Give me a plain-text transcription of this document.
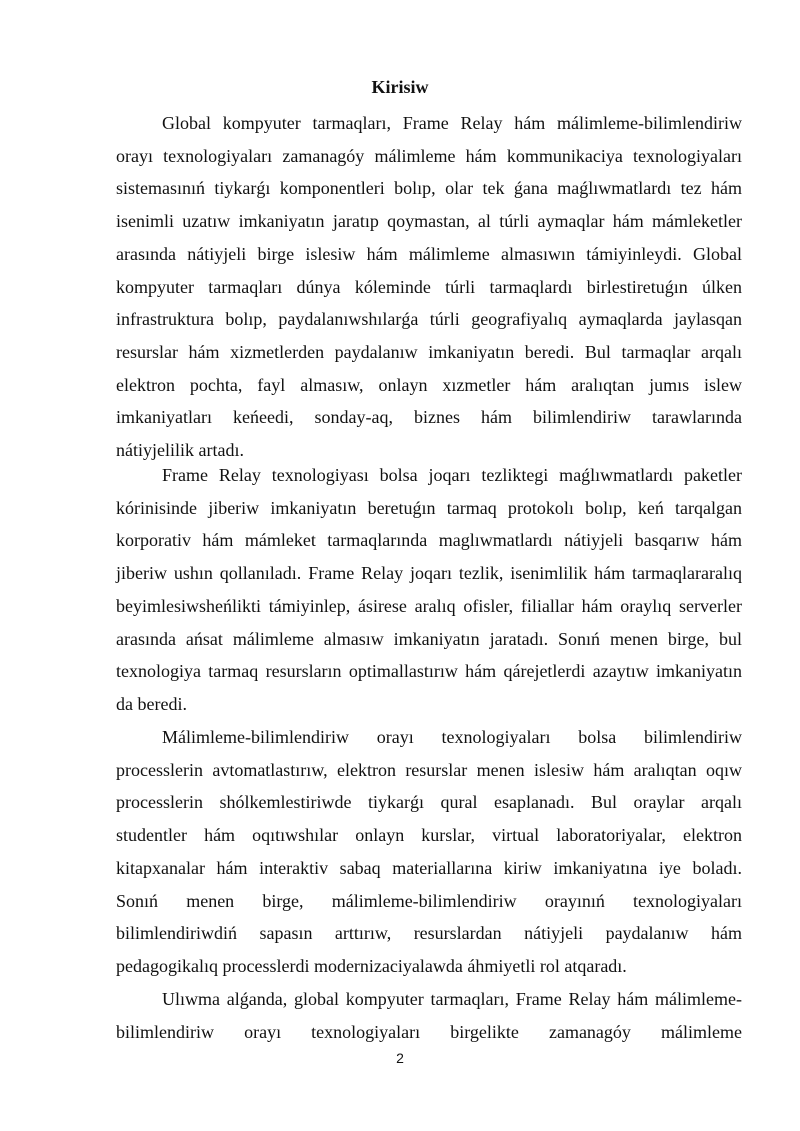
Kirisiw
Global kompyuter tarmaqları, Frame Relay hám málimleme-bilimlendiriw
orayı texnologiyaları zamanagóy málimleme hám kommunikaciya texnologiyaları
sistemasınıń tiykarǵı komponentleri bolıp, olar tek ǵana maǵlıwmatlardı tez hám
isenimli uzatıw imkaniyatın jaratıp qoymastan, al túrli aymaqlar hám mámleketler
arasında nátiyjeli birge islesiw hám málimleme almasıwın támiyinleydi. Global
kompyuter tarmaqları dúnya kóleminde túrli tarmaqlardı birlestiretuǵın úlken
infrastruktura bolıp, paydalanıwshılarǵa túrli geografiyalıq aymaqlarda jaylasqan
resurslar hám xizmetlerden paydalanıw imkaniyatın beredi. Bul tarmaqlar arqalı
elektron pochta, fayl almasıw, onlayn xızmetler hám aralıqtan jumıs islew
imkaniyatları keńeedi, sonday-aq, biznes hám bilimlendiriw tarawlarında
nátiyjelilik artadı.
Frame Relay texnologiyası bolsa joqarı tezliktegi maǵlıwmatlardı paketler
kórinisinde jiberiw imkaniyatın beretuǵın tarmaq protokolı bolıp, keń tarqalgan
korporativ hám mámleket tarmaqlarında maglıwmatlardı nátiyjeli basqarıw hám
jiberiw ushın qollanıladı. Frame Relay joqarı tezlik, isenimlilik hám tarmaqlararalıq
beyimlesiwsheńlikti támiyinlep, ásirese aralıq ofisler, filiallar hám oraylıq serverler
arasında ańsat málimleme almasıw imkaniyatın jaratadı. Sonıń menen birge, bul
texnologiya tarmaq resursların optimallastırıw hám qárejetlerdi azaytıw imkaniyatın
da beredi.
Málimleme-bilimlendiriw orayı texnologiyaları bolsa bilimlendiriw
processlerin avtomatlastırıw, elektron resurslar menen islesiw hám aralıqtan oqıw
processlerin shólkemlestiriwde tiykarǵı qural esaplanadı. Bul oraylar arqalı
studentler hám oqıtıwshılar onlayn kurslar, virtual laboratoriyalar, elektron
kitapxanalar hám interaktiv sabaq materiallarına kiriw imkaniyatına iye boladı.
Sonıń menen birge, málimleme-bilimlendiriw orayınıń texnologiyaları
bilimlendiriwdiń sapasın arttırıw, resurslardan nátiyjeli paydalanıw hám
pedagogikalıq processlerdi modernizaciyalawda áhmiyetli rol atqaradı.
Ulıwma alǵanda, global kompyuter tarmaqları, Frame Relay hám málimleme-
bilimlendiriw orayı texnologiyaları birgelikte zamanagóy málimleme
2
